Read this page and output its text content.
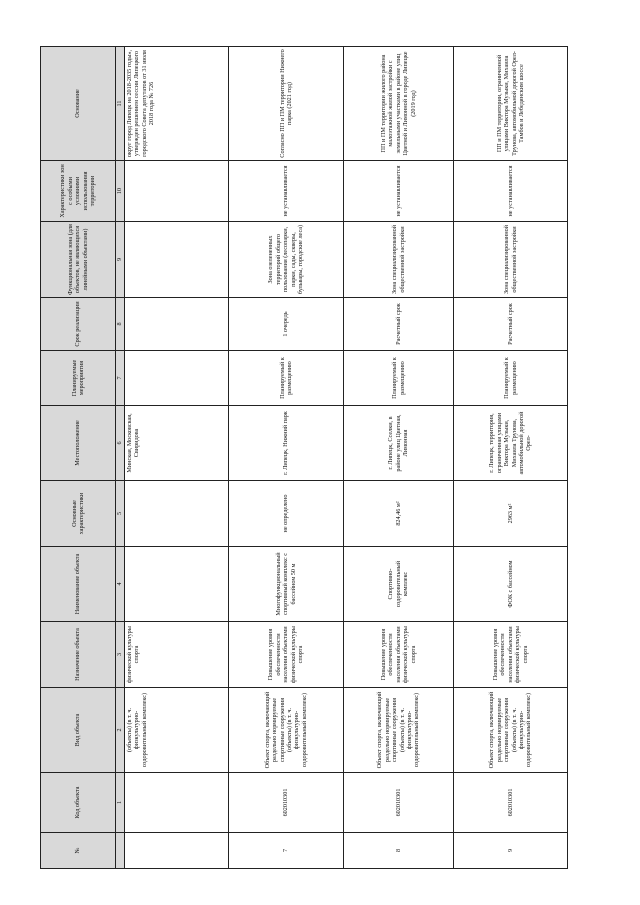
№	Код объекта	Вид объекта	Назначение объекта	Наименование объекта	Основные характеристики	Местоположение	Планируемые мероприятия	Срок реализации	Функциональная зона (для объектов, не являющихся линейными объектами)	Характеристики зон с особыми условиями использования территории	Основание
	1	2	3	4	5	6	7	8	9	10	11
		(объекты) (в т. ч. физкультурно-оздоровительный комплекс)	физической культуры спорта			Минская, Московская, Свиридова					округ город Липецк на 2018-2035 годы», утвержден решением сессии Липецкого городского Совета депутатов от 31 июля 2018 года № 726
7	602010301	Объект спорта, включающий раздельно нормируемые спортивные сооружения (объекты) (в т. ч. физкультурно-оздоровительный комплекс)	Повышение уровня обеспеченности населения объектами физической культуры спорта	Многофункциональный спортивный комплекс с бассейном 50 м	не определено	г. Липецк, Нижний парк	Планируемый к размещению	1 очередь	Зона озелененных территорий общего пользования (лесопарки, парки, сады, скверы, бульвары, городские леса)	не устанавливается	Согласно ПП и ПМ территории Нижнего парка (2021 год)
8	602010301	Объект спорта, включающий раздельно нормируемые спортивные сооружения (объекты) (в т. ч. физкультурно-оздоровительный комплекс)	Повышение уровня обеспеченности населения объектами физической культуры спорта	Спортивно-оздоровительный комплекс	824,46 м²	г. Липецк, Сселки, в районе улиц Цветная, Лимонная	Планируемый к размещению	Расчетный срок	Зона специализированной общественной застройки	не устанавливается	ПП и ПМ территории жилого района малоэтажной жилой застройки с земельными участками в районе улиц Цветной и Лимонной в городе Липецке (2019 год)
9	602010301	Объект спорта, включающий раздельно нормируемые спортивные сооружения (объекты) (в т. ч. физкультурно-оздоровительный комплекс)	Повышение уровня обеспеченности населения объектами физической культуры спорта	ФОК с бассейном	2963 м²	г. Липецк, территория, ограниченная улицами Виктора Музыки, Михаила Трунова, автомобильной дорогой Орел-	Планируемый к размещению	Расчетный срок	Зона специализированной общественной застройки	не устанавливается	ПП и ПМ территории, ограниченной улицами Виктора Музыки, Михаила Трунова, автомобильной дорогой Орел-Тамбов и Лебедянским шоссе
